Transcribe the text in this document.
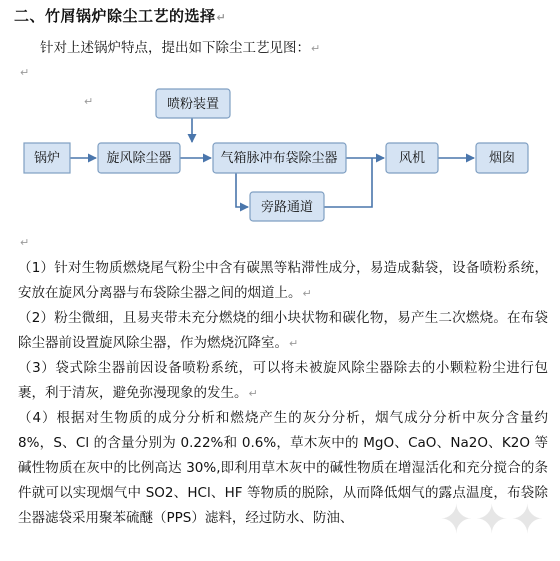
二、竹屑锅炉除尘工艺的选择↵
针对上述锅炉特点，提出如下除尘工艺见图：↵
↵
↵
锅炉	旋风除尘器
喷粉装置
气箱脉冲布袋除尘器
旁路通道
风机	烟囱
↵

（1）针对生物质燃烧尾气粉尘中含有碳黑等粘滞性成分，易造成黏袋，设备喷粉系统，安放在旋风分离器与布袋除尘器之间的烟道上。↵

（2）粉尘微细，且易夹带未充分燃烧的细小块状物和碳化物，易产生二次燃烧。在布袋除尘器前设置旋风除尘器，作为燃烧沉降室。↵

（3）袋式除尘器前因设备喷粉系统，可以将未被旋风除尘器除去的小颗粒粉尘进行包裹，利于清灰，避免弥漫现象的发生。↵

（4）根据对生物质的成分分析和燃烧产生的灰分分析，烟气成分分析中灰分含量约 8%，S、Cl 的含量分别为 0.22%和 0.6%，草木灰中的 MgO、CaO、Na2O、K2O 等碱性物质在灰中的比例高达 30%,即利用草木灰中的碱性物质在增湿活化和充分搅合的条件就可以实现烟气中 SO2、HCl、HF 等物质的脱除，从而降低烟气的露点温度，布袋除尘器滤袋采用聚苯硫醚（PPS）滤料，经过防水、防油、	✦✦✦
